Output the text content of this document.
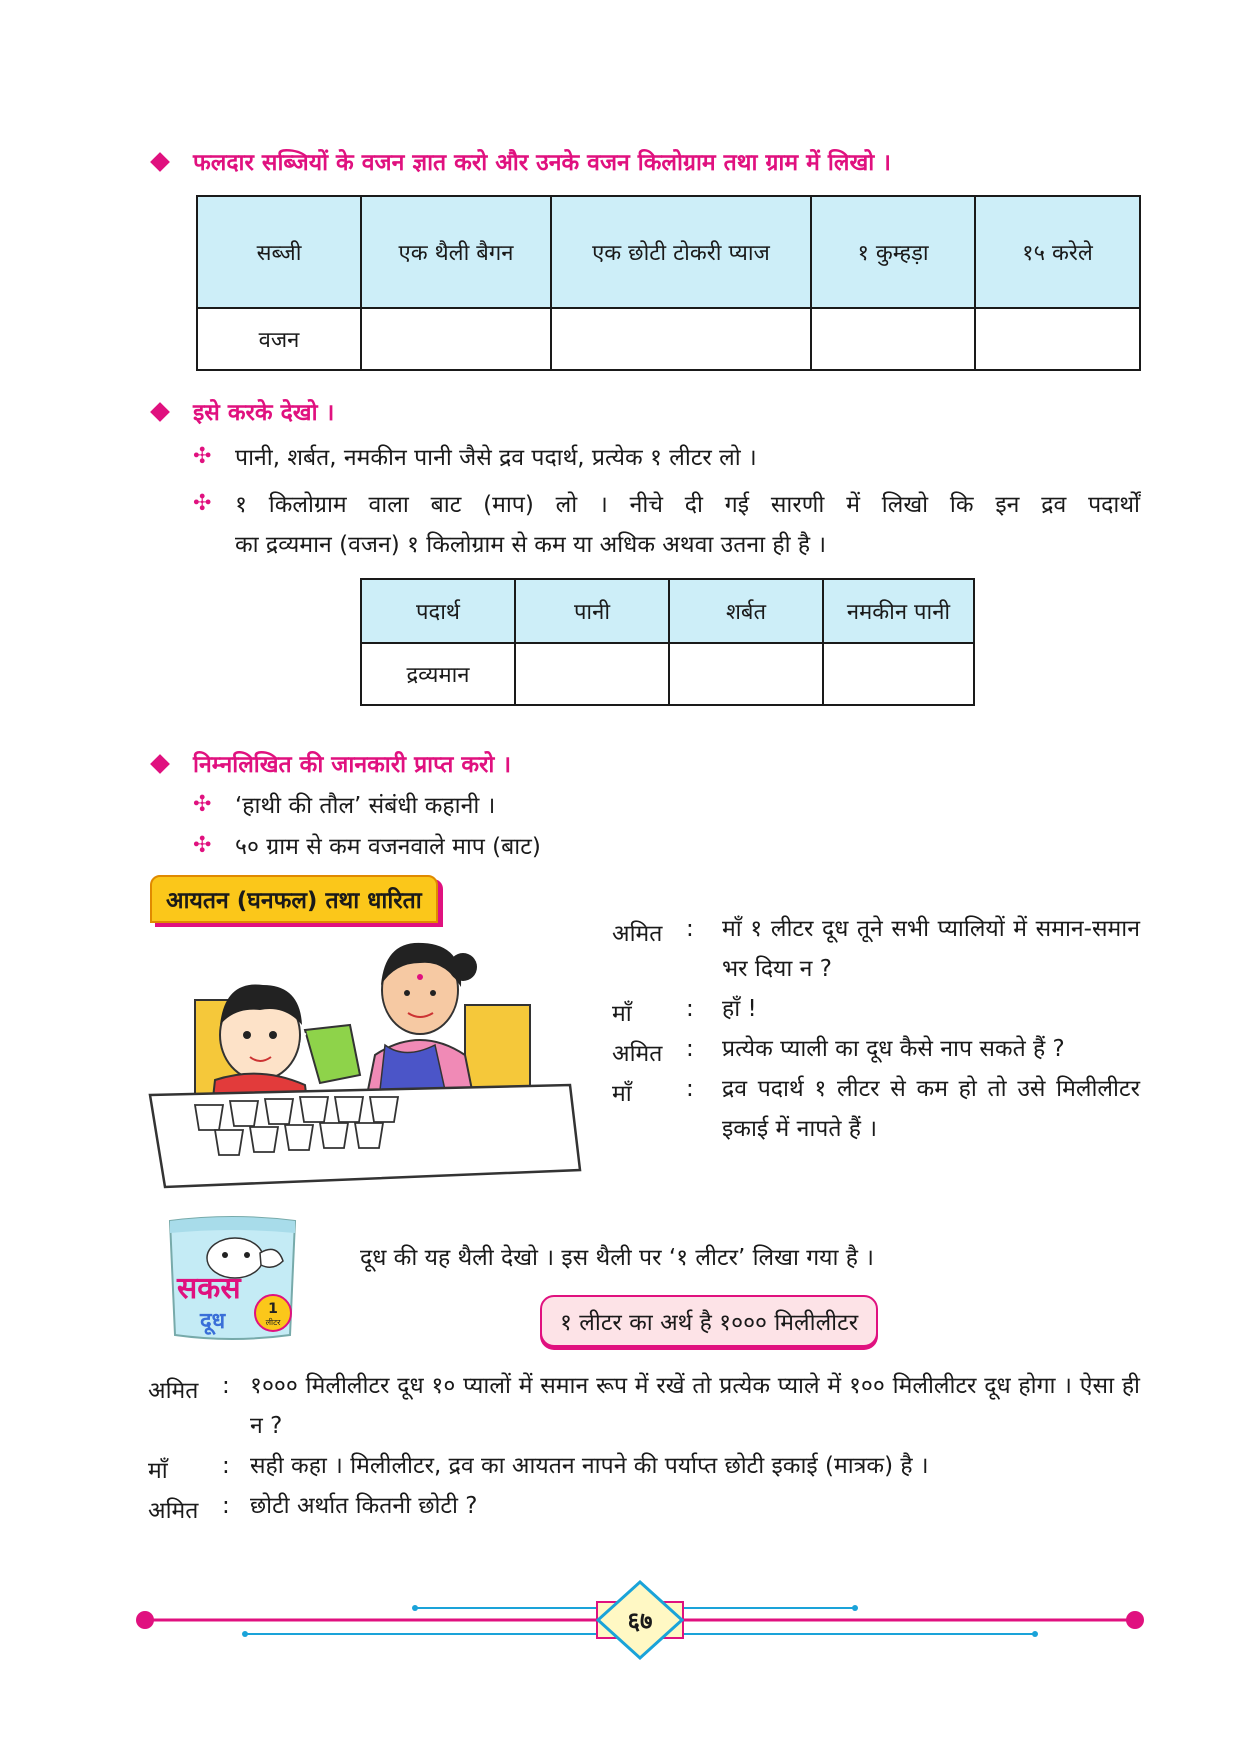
फलदार सब्जियों के वजन ज्ञात करो और उनके वजन किलोग्राम तथा ग्राम में लिखो ।
सब्जी	एक थैली बैगन	एक छोटी टोकरी प्याज	१ कुम्हड़ा	१५ करेले
वजन				
इसे करके देखो ।
✣ पानी, शर्बत, नमकीन पानी जैसे द्रव पदार्थ, प्रत्येक १ लीटर लो ।
✣ १ किलोग्राम वाला बाट (माप) लो । नीचे दी गई सारणी में लिखो कि इन द्रव पदार्थों
का द्रव्यमान (वजन) १ किलोग्राम से कम या अधिक अथवा उतना ही है ।
पदार्थ	पानी	शर्बत	नमकीन पानी
द्रव्यमान			
निम्नलिखित की जानकारी प्राप्त करो ।
✣ ‘हाथी की तौल’ संबंधी कहानी ।
✣ ५० ग्राम से कम वजनवाले माप (बाट)
आयतन (घनफल) तथा धारिता
अमित : माँ १ लीटर दूध तूने सभी प्यालियों में समान-समान भर दिया न ?
माँ : हाँ !
अमित : प्रत्येक प्याली का दूध कैसे नाप सकते हैं ?
माँ : द्रव पदार्थ १ लीटर से कम हो तो उसे मिलीलीटर इकाई में नापते हैं ।
सकस
दूध	1
लीटर
दूध की यह थैली देखो । इस थैली पर ‘१ लीटर’ लिखा गया है ।
१ लीटर का अर्थ है १००० मिलीलीटर
अमित : १००० मिलीलीटर दूध १० प्यालों में समान रूप में रखें तो प्रत्येक प्याले में १०० मिलीलीटर दूध होगा । ऐसा ही न ?
माँ : सही कहा । मिलीलीटर, द्रव का आयतन नापने की पर्याप्त छोटी इकाई (मात्रक) है ।
अमित : छोटी अर्थात कितनी छोटी ?
६७
